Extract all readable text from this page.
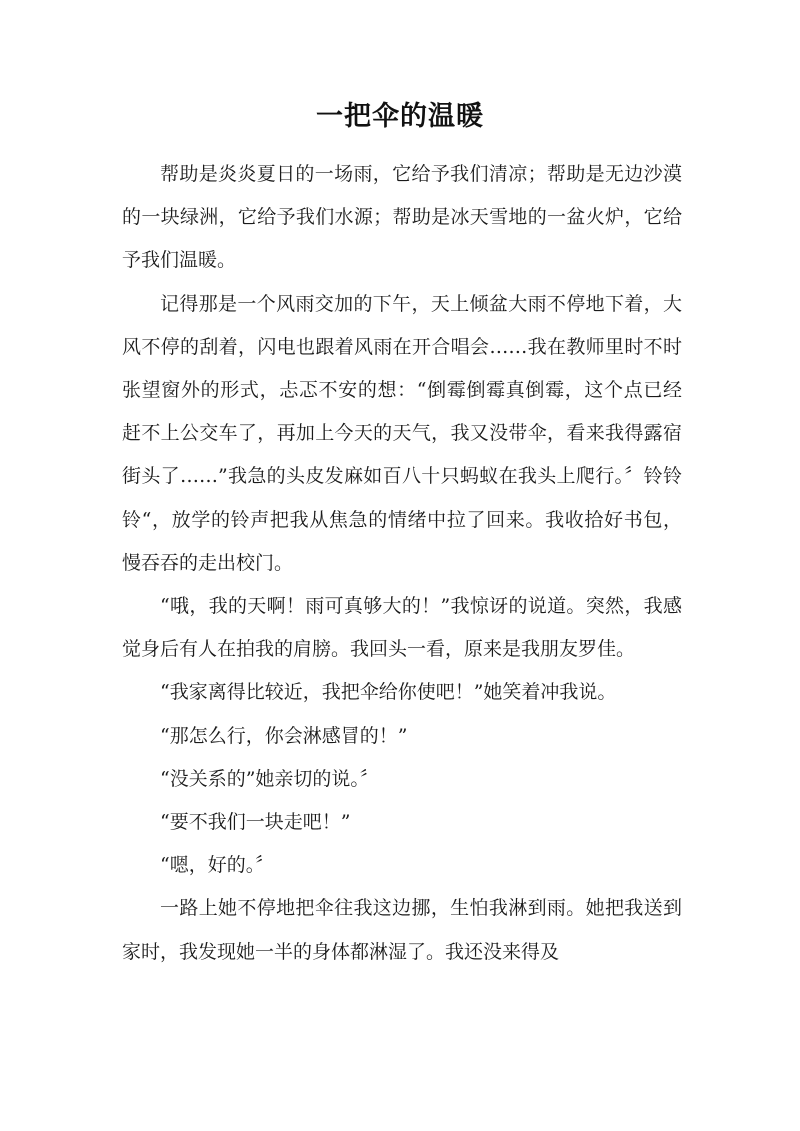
一把伞的温暖

帮助是炎炎夏日的一场雨，它给予我们清凉；帮助是无边沙漠的一块绿洲，它给予我们水源；帮助是冰天雪地的一盆火炉，它给予我们温暖。

记得那是一个风雨交加的下午，天上倾盆大雨不停地下着，大风不停的刮着，闪电也跟着风雨在开合唱会……我在教师里时不时张望窗外的形式，忐忑不安的想：“倒霉倒霉真倒霉，这个点已经赶不上公交车了，再加上今天的天气，我又没带伞，看来我得露宿街头了……”我急的头皮发麻如百八十只蚂蚁在我头上爬行。〞铃铃铃“，放学的铃声把我从焦急的情绪中拉了回来。我收拾好书包，慢吞吞的走出校门。

“哦，我的天啊！雨可真够大的！”我惊讶的说道。突然，我感觉身后有人在拍我的肩膀。我回头一看，原来是我朋友罗佳。

“我家离得比较近，我把伞给你使吧！”她笑着冲我说。

“那怎么行，你会淋感冒的！”

“没关系的”她亲切的说。〞

“要不我们一块走吧！”

“嗯，好的。〞

一路上她不停地把伞往我这边挪，生怕我淋到雨。她把我送到家时，我发现她一半的身体都淋湿了。我还没来得及
